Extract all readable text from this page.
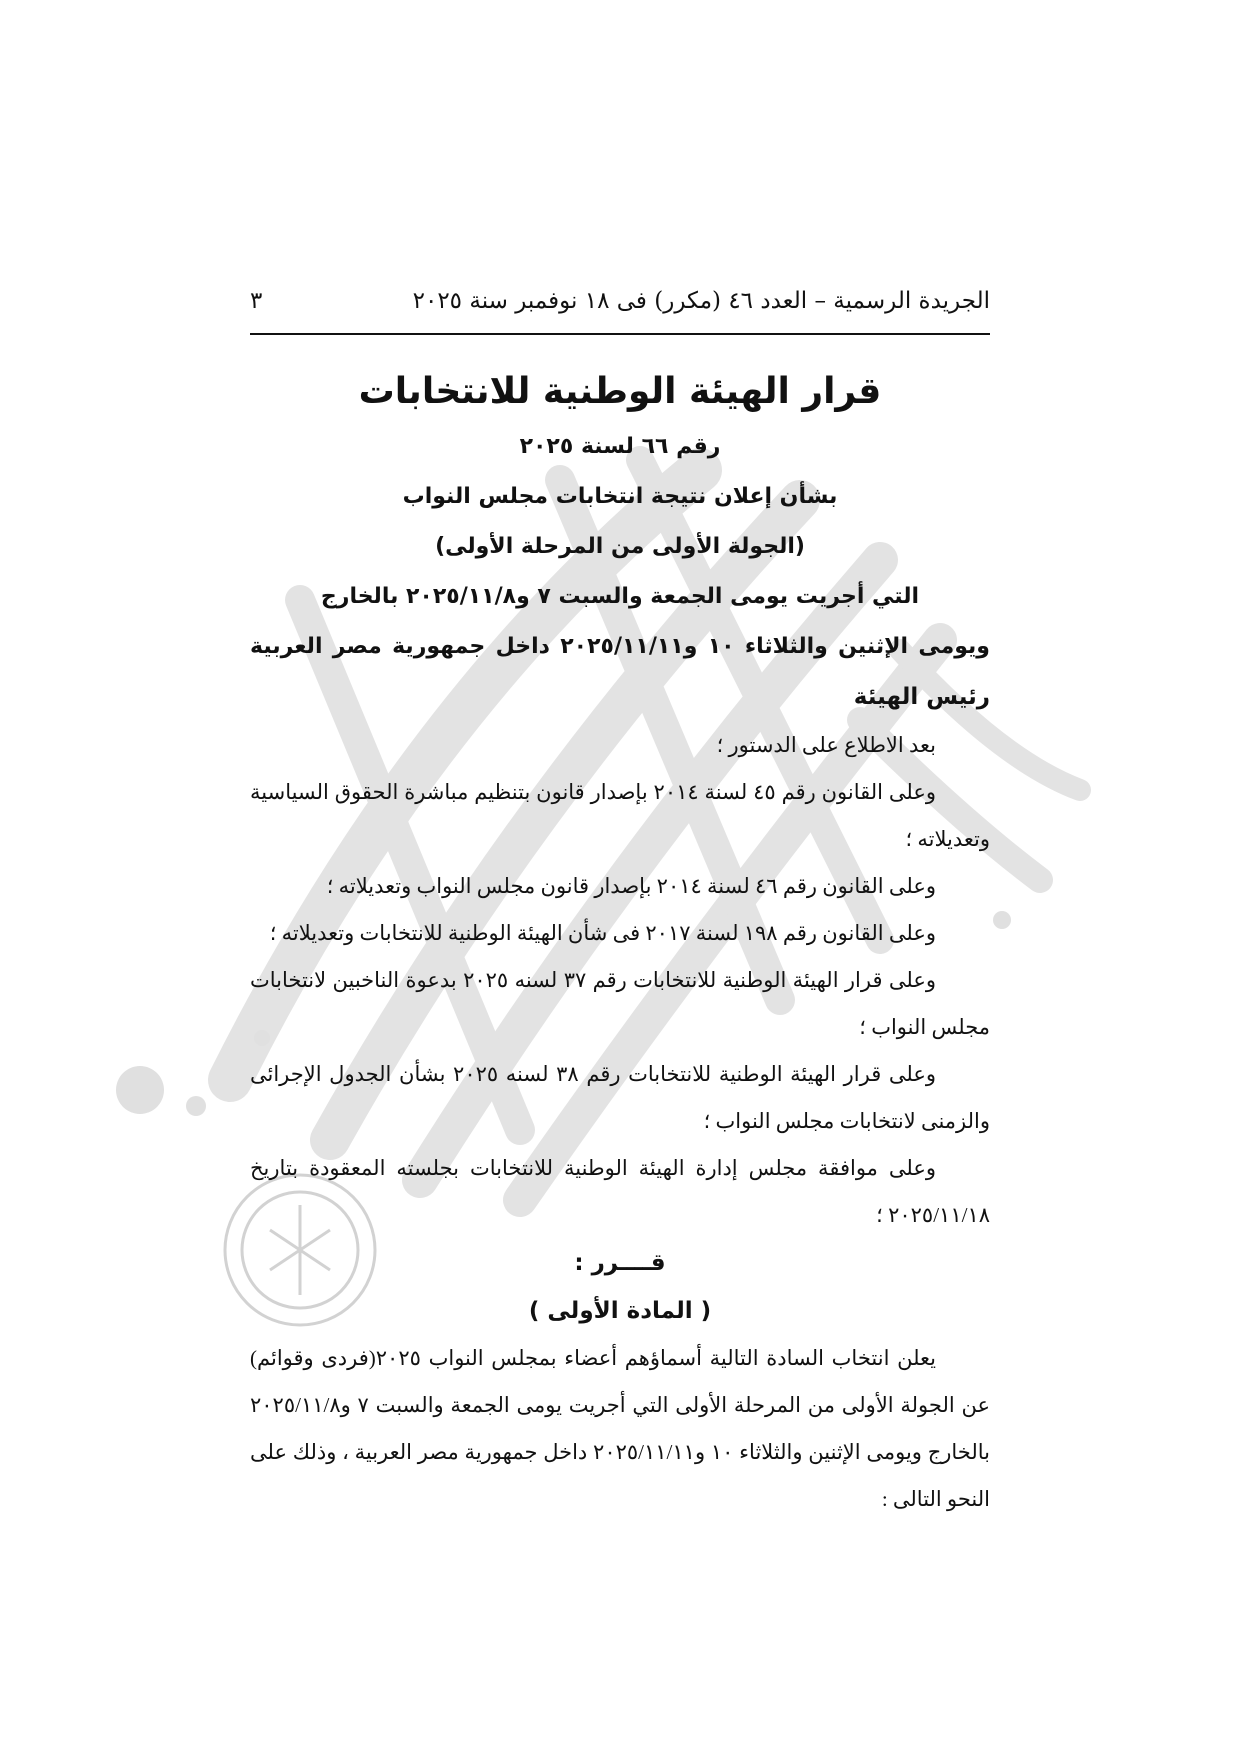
الجريدة الرسمية – العدد ٤٦ (مكرر) فى ١٨ نوفمبر سنة ٢٠٢٥
٣
قرار الهيئة الوطنية للانتخابات
رقم ٦٦ لسنة ٢٠٢٥
بشأن إعلان نتيجة انتخابات مجلس النواب
(الجولة الأولى من المرحلة الأولى)
التي أجريت يومى الجمعة والسبت ٧ و٢٠٢٥/١١/٨ بالخارج
ويومى الإثنين والثلاثاء ١٠ و٢٠٢٥/١١/١١ داخل جمهورية مصر العربية
رئيس الهيئة
بعد الاطلاع على الدستور ؛
وعلى القانون رقم ٤٥ لسنة ٢٠١٤ بإصدار قانون بتنظيم مباشرة الحقوق السياسية وتعديلاته ؛
وعلى القانون رقم ٤٦ لسنة ٢٠١٤ بإصدار قانون مجلس النواب وتعديلاته ؛
وعلى القانون رقم ١٩٨ لسنة ٢٠١٧ فى شأن الهيئة الوطنية للانتخابات وتعديلاته ؛
وعلى قرار الهيئة الوطنية للانتخابات رقم ٣٧ لسنه ٢٠٢٥ بدعوة الناخبين لانتخابات مجلس النواب ؛
وعلى قرار الهيئة الوطنية للانتخابات رقم ٣٨ لسنه ٢٠٢٥ بشأن الجدول الإجرائى والزمنى لانتخابات مجلس النواب ؛
وعلى موافقة مجلس إدارة الهيئة الوطنية للانتخابات بجلسته المعقودة بتاريخ ٢٠٢٥/١١/١٨ ؛
قــــرر :
( المادة الأولى )
يعلن انتخاب السادة التالية أسماؤهم أعضاء بمجلس النواب ٢٠٢٥(فردى وقوائم) عن الجولة الأولى من المرحلة الأولى التي أجريت يومى الجمعة والسبت ٧ و٢٠٢٥/١١/٨ بالخارج ويومى الإثنين والثلاثاء ١٠ و٢٠٢٥/١١/١١ داخل جمهورية مصر العربية ، وذلك على النحو التالى :
